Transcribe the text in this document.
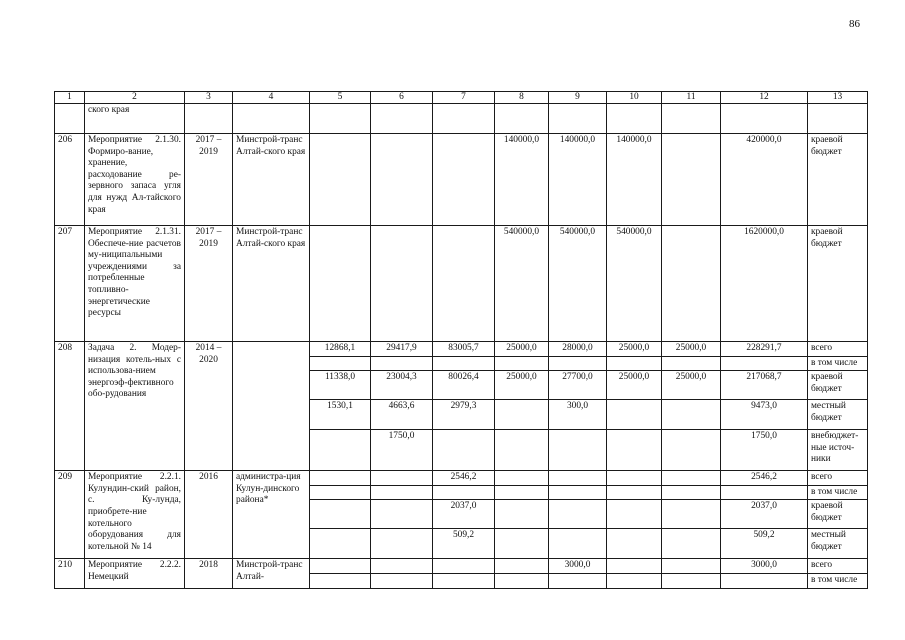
86
1	2	3	4	5	6	7	8	9	10	11	12	13
	ского края											
206	Мероприятие 2.1.30. Формиро-вание, хранение, расходование ре-зервного запаса угля для нужд Ал-тайского края	2017 – 2019	Минстрой-транс Алтай-ского края				140000,0	140000,0	140000,0		420000,0	краевой бюджет
207	Мероприятие 2.1.31. Обеспече-ние расчетов му-ниципальными учреждениями за потребленные топливно-энергетические ресурсы	2017 – 2019	Минстрой-транс Алтай-ского края				540000,0	540000,0	540000,0		1620000,0	краевой бюджет
208	Задача 2. Модер-низация котель-ных с использова-нием энергоэф-фективного обо-рудования	2014 – 2020		12868,1	29417,9	83005,7	25000,0	28000,0	25000,0	25000,0	228291,7	всего
												в том числе
				11338,0	23004,3	80026,4	25000,0	27700,0	25000,0	25000,0	217068,7	краевой бюджет
				1530,1	4663,6	2979,3		300,0			9473,0	местный бюджет
					1750,0						1750,0	внебюджет-ные источ-ники
209	Мероприятие 2.2.1. Кулундин-ский район, с. Ку-лунда, приобрете-ние котельного оборудования для котельной № 14	2016	администра-ция Кулун-динского района*			2546,2					2546,2	всего
												в том числе
						2037,0					2037,0	краевой бюджет
						509,2					509,2	местный бюджет
210	Мероприятие 2.2.2. Немецкий	2018	Минстрой-транс Алтай-					3000,0			3000,0	всего
												в том числе
